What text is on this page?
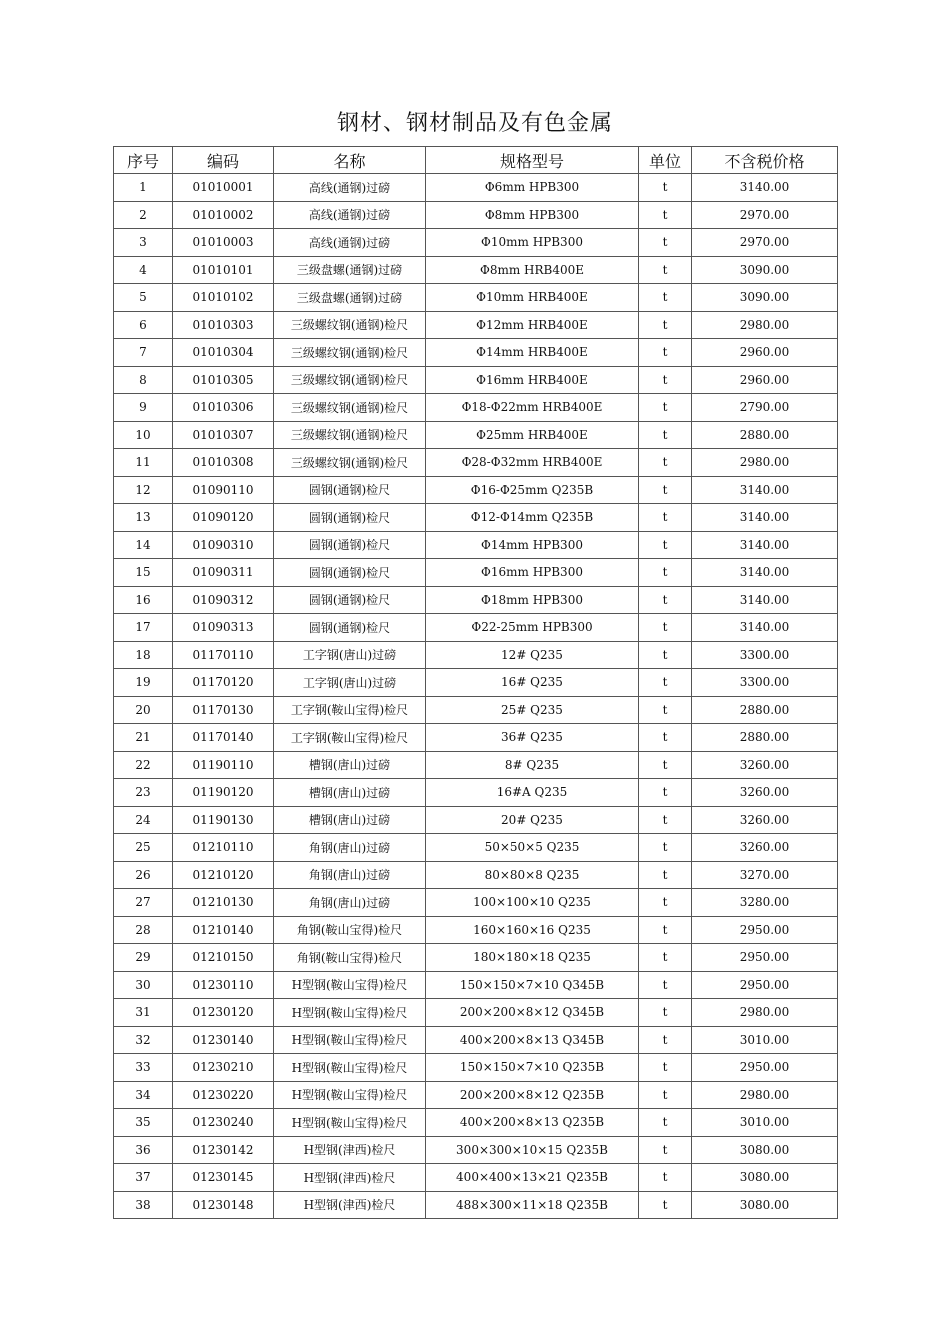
钢材、钢材制品及有色金属
序号	编码	名称	规格型号	单位	不含税价格
1	01010001	高线(通钢)过磅	Φ6mm HPB300	t	3140.00
2	01010002	高线(通钢)过磅	Φ8mm HPB300	t	2970.00
3	01010003	高线(通钢)过磅	Φ10mm HPB300	t	2970.00
4	01010101	三级盘螺(通钢)过磅	Φ8mm HRB400E	t	3090.00
5	01010102	三级盘螺(通钢)过磅	Φ10mm HRB400E	t	3090.00
6	01010303	三级螺纹钢(通钢)检尺	Φ12mm HRB400E	t	2980.00
7	01010304	三级螺纹钢(通钢)检尺	Φ14mm HRB400E	t	2960.00
8	01010305	三级螺纹钢(通钢)检尺	Φ16mm HRB400E	t	2960.00
9	01010306	三级螺纹钢(通钢)检尺	Φ18-Φ22mm HRB400E	t	2790.00
10	01010307	三级螺纹钢(通钢)检尺	Φ25mm HRB400E	t	2880.00
11	01010308	三级螺纹钢(通钢)检尺	Φ28-Φ32mm HRB400E	t	2980.00
12	01090110	圆钢(通钢)检尺	Φ16-Φ25mm Q235B	t	3140.00
13	01090120	圆钢(通钢)检尺	Φ12-Φ14mm Q235B	t	3140.00
14	01090310	圆钢(通钢)检尺	Φ14mm HPB300	t	3140.00
15	01090311	圆钢(通钢)检尺	Φ16mm HPB300	t	3140.00
16	01090312	圆钢(通钢)检尺	Φ18mm HPB300	t	3140.00
17	01090313	圆钢(通钢)检尺	Φ22-25mm HPB300	t	3140.00
18	01170110	工字钢(唐山)过磅	12# Q235	t	3300.00
19	01170120	工字钢(唐山)过磅	16# Q235	t	3300.00
20	01170130	工字钢(鞍山宝得)检尺	25# Q235	t	2880.00
21	01170140	工字钢(鞍山宝得)检尺	36# Q235	t	2880.00
22	01190110	槽钢(唐山)过磅	8# Q235	t	3260.00
23	01190120	槽钢(唐山)过磅	16#A Q235	t	3260.00
24	01190130	槽钢(唐山)过磅	20# Q235	t	3260.00
25	01210110	角钢(唐山)过磅	50×50×5 Q235	t	3260.00
26	01210120	角钢(唐山)过磅	80×80×8 Q235	t	3270.00
27	01210130	角钢(唐山)过磅	100×100×10 Q235	t	3280.00
28	01210140	角钢(鞍山宝得)检尺	160×160×16 Q235	t	2950.00
29	01210150	角钢(鞍山宝得)检尺	180×180×18 Q235	t	2950.00
30	01230110	H型钢(鞍山宝得)检尺	150×150×7×10 Q345B	t	2950.00
31	01230120	H型钢(鞍山宝得)检尺	200×200×8×12 Q345B	t	2980.00
32	01230140	H型钢(鞍山宝得)检尺	400×200×8×13 Q345B	t	3010.00
33	01230210	H型钢(鞍山宝得)检尺	150×150×7×10 Q235B	t	2950.00
34	01230220	H型钢(鞍山宝得)检尺	200×200×8×12 Q235B	t	2980.00
35	01230240	H型钢(鞍山宝得)检尺	400×200×8×13 Q235B	t	3010.00
36	01230142	H型钢(津西)检尺	300×300×10×15 Q235B	t	3080.00
37	01230145	H型钢(津西)检尺	400×400×13×21 Q235B	t	3080.00
38	01230148	H型钢(津西)检尺	488×300×11×18 Q235B	t	3080.00
